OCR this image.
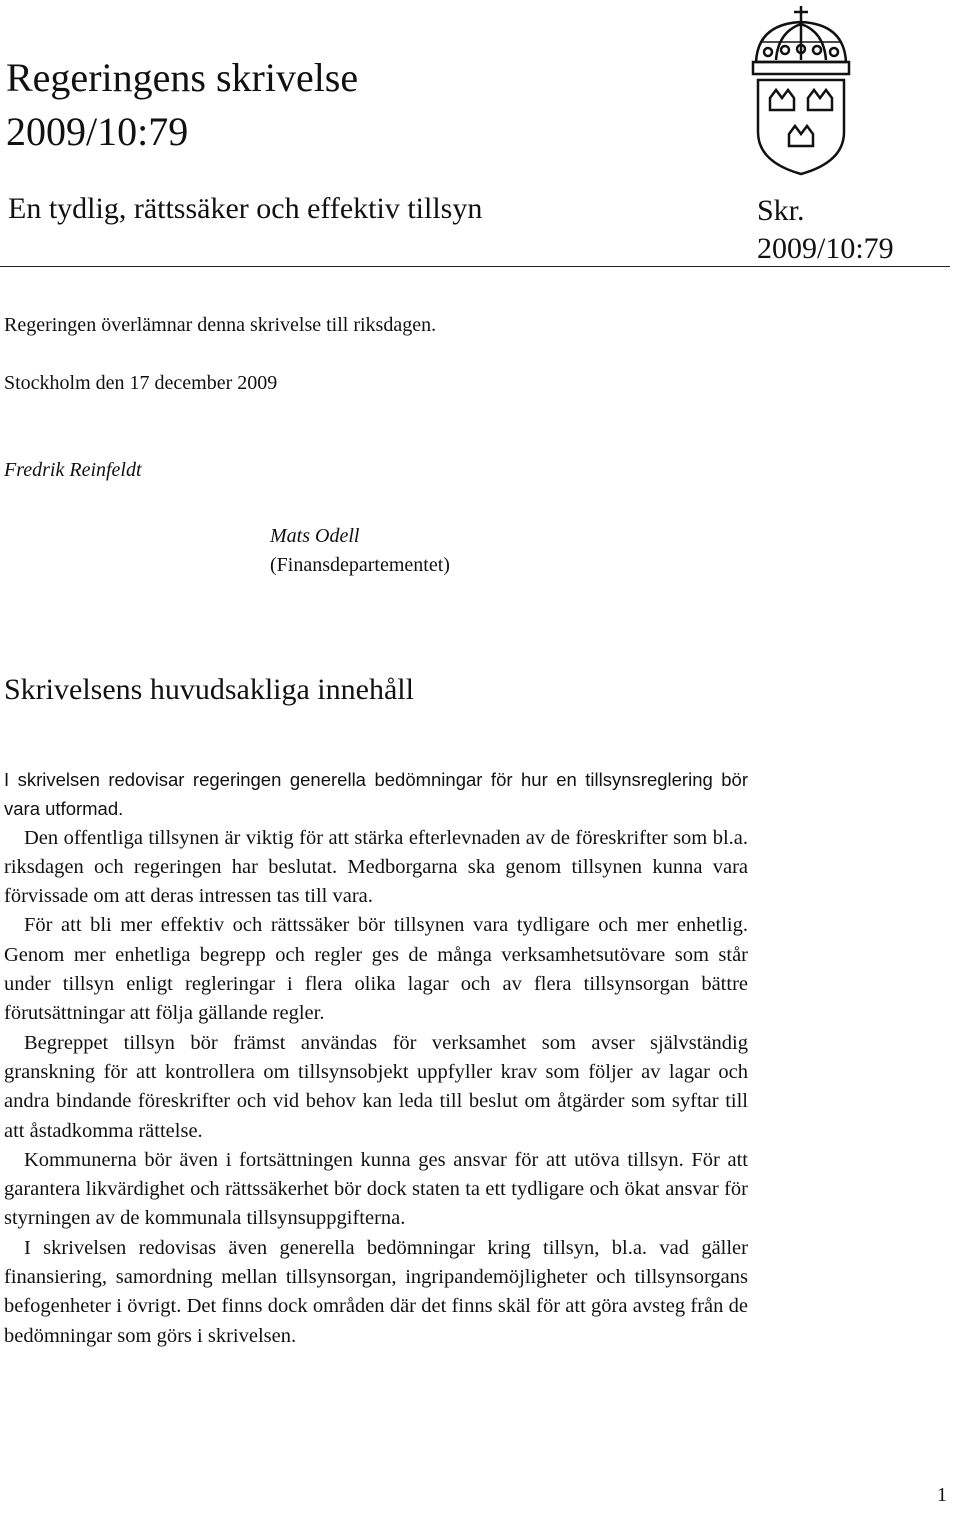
Regeringens skrivelse
2009/10:79
En tydlig, rättssäker och effektiv tillsyn	Skr.
2009/10:79
Regeringen överlämnar denna skrivelse till riksdagen.
Stockholm den 17 december 2009
Fredrik Reinfeldt
Mats Odell
(Finansdepartementet)
Skrivelsens huvudsakliga innehåll

I skrivelsen redovisar regeringen generella bedömningar för hur en tillsynsreglering bör vara utformad.

Den offentliga tillsynen är viktig för att stärka efterlevnaden av de föreskrifter som bl.a. riksdagen och regeringen har beslutat. Medborgarna ska genom tillsynen kunna vara förvissade om att deras intressen tas till vara.

För att bli mer effektiv och rättssäker bör tillsynen vara tydligare och mer enhetlig. Genom mer enhetliga begrepp och regler ges de många verksamhetsutövare som står under tillsyn enligt regleringar i flera olika lagar och av flera tillsynsorgan bättre förutsättningar att följa gällande regler.

Begreppet tillsyn bör främst användas för verksamhet som avser självständig granskning för att kontrollera om tillsynsobjekt uppfyller krav som följer av lagar och andra bindande föreskrifter och vid behov kan leda till beslut om åtgärder som syftar till att åstadkomma rättelse.

Kommunerna bör även i fortsättningen kunna ges ansvar för att utöva tillsyn. För att garantera likvärdighet och rättssäkerhet bör dock staten ta ett tydligare och ökat ansvar för styrningen av de kommunala tillsynsuppgifterna.

I skrivelsen redovisas även generella bedömningar kring tillsyn, bl.a. vad gäller finansiering, samordning mellan tillsynsorgan, ingripandemöjligheter och tillsynsorgans befogenheter i övrigt. Det finns dock områden där det finns skäl för att göra avsteg från de bedömningar som görs i skrivelsen.

1
